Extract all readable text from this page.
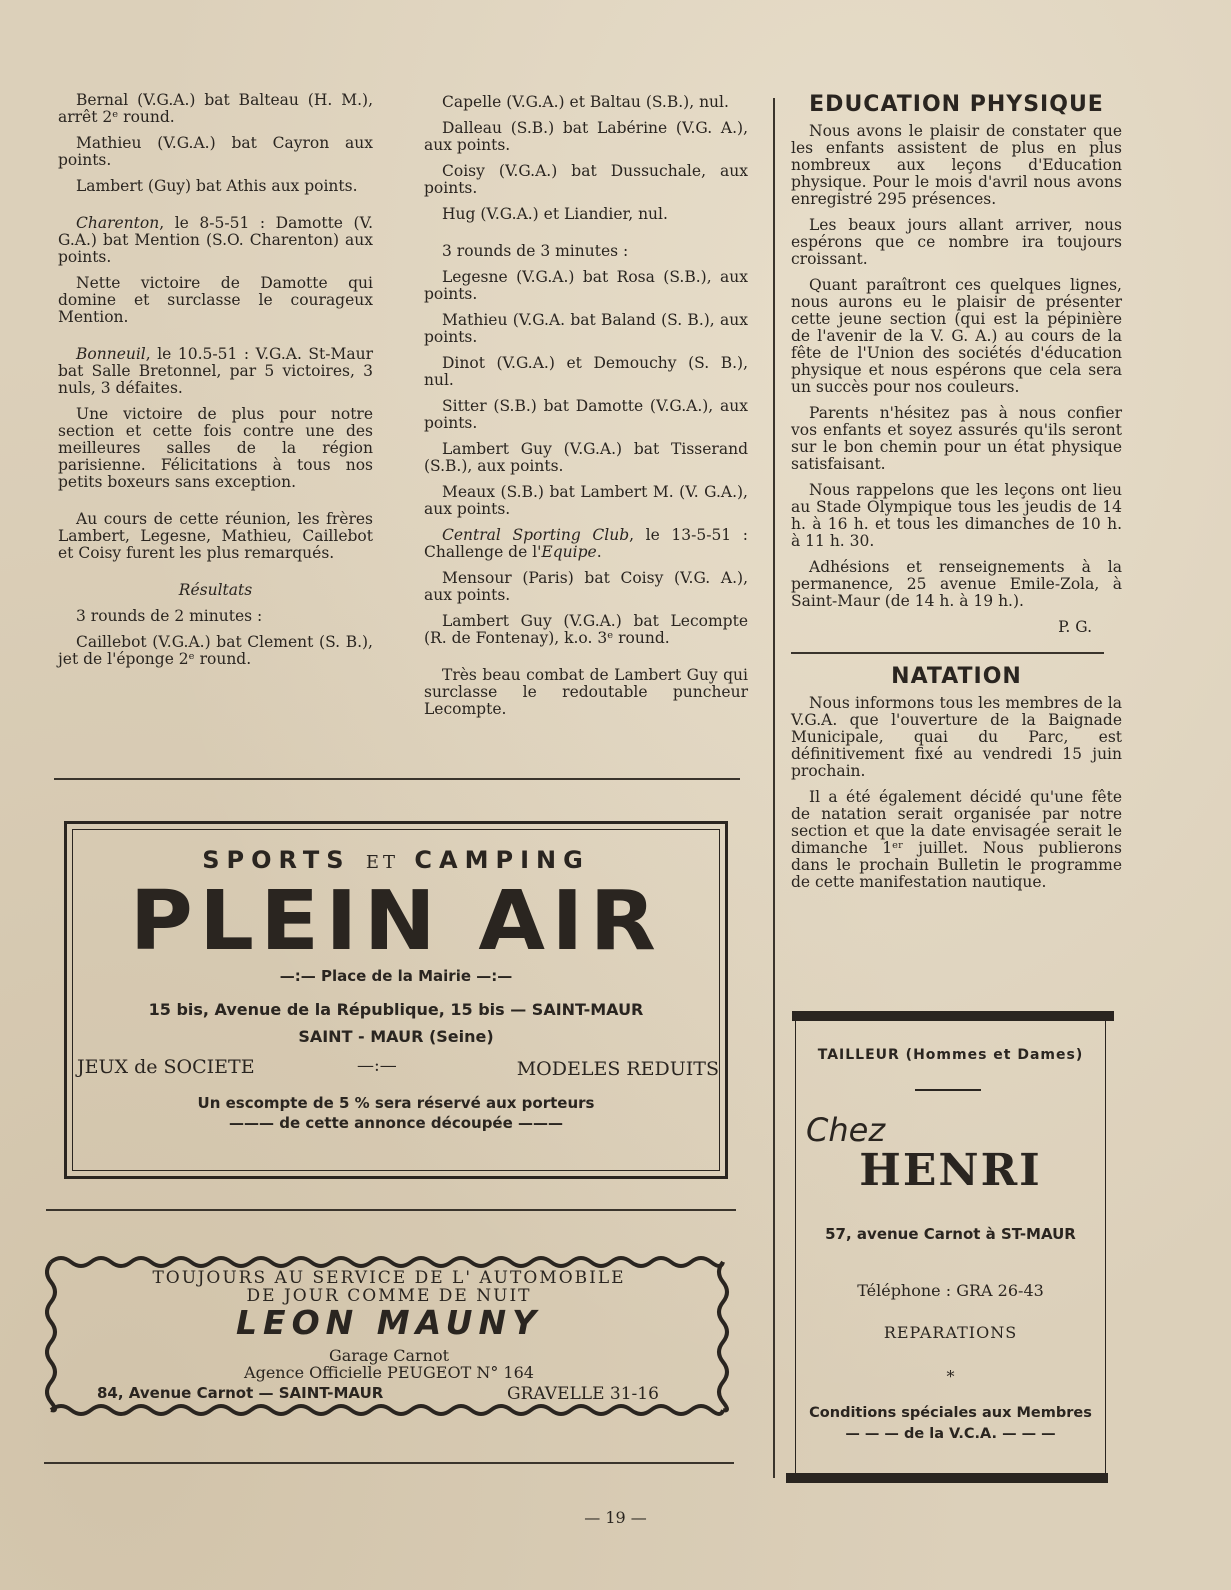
Bernal (V.G.A.) bat Balteau (H. M.), arrêt 2ᵉ round.

Mathieu (V.G.A.) bat Cayron aux points.

Lambert (Guy) bat Athis aux points.

Charenton, le 8-5-51 : Damotte (V. G.A.) bat Mention (S.O. Charenton) aux points.

Nette victoire de Damotte qui domine et surclasse le courageux Mention.

Bonneuil, le 10.5-51 : V.G.A. St-Maur bat Salle Bretonnel, par 5 victoires, 3 nuls, 3 défaites.

Une victoire de plus pour notre section et cette fois contre une des meilleures salles de la région parisienne. Félicitations à tous nos petits boxeurs sans exception.

Au cours de cette réunion, les frères Lambert, Legesne, Mathieu, Caillebot et Coisy furent les plus remarqués.

Résultats

3 rounds de 2 minutes :

Caillebot (V.G.A.) bat Clement (S. B.), jet de l'éponge 2ᵉ round.

Capelle (V.G.A.) et Baltau (S.B.), nul.

Dalleau (S.B.) bat Labérine (V.G. A.), aux points.

Coisy (V.G.A.) bat Dussuchale, aux points.

Hug (V.G.A.) et Liandier, nul.

3 rounds de 3 minutes :

Legesne (V.G.A.) bat Rosa (S.B.), aux points.

Mathieu (V.G.A. bat Baland (S. B.), aux points.

Dinot (V.G.A.) et Demouchy (S. B.), nul.

Sitter (S.B.) bat Damotte (V.G.A.), aux points.

Lambert Guy (V.G.A.) bat Tisserand (S.B.), aux points.

Meaux (S.B.) bat Lambert M. (V. G.A.), aux points.

Central Sporting Club, le 13-5-51 : Challenge de l'Equipe.

Mensour (Paris) bat Coisy (V.G. A.), aux points.

Lambert Guy (V.G.A.) bat Lecompte (R. de Fontenay), k.o. 3ᵉ round.

Très beau combat de Lambert Guy qui surclasse le redoutable puncheur Lecompte.

EDUCATION PHYSIQUE

Nous avons le plaisir de constater que les enfants assistent de plus en plus nombreux aux leçons d'Education physique. Pour le mois d'avril nous avons enregistré 295 présences.

Les beaux jours allant arriver, nous espérons que ce nombre ira toujours croissant.

Quant paraîtront ces quelques lignes, nous aurons eu le plaisir de présenter cette jeune section (qui est la pépinière de l'avenir de la V. G. A.) au cours de la fête de l'Union des sociétés d'éducation physique et nous espérons que cela sera un succès pour nos couleurs.

Parents n'hésitez pas à nous confier vos enfants et soyez assurés qu'ils seront sur le bon chemin pour un état physique satisfaisant.

Nous rappelons que les leçons ont lieu au Stade Olympique tous les jeudis de 14 h. à 16 h. et tous les dimanches de 10 h. à 11 h. 30.

Adhésions et renseignements à la permanence, 25 avenue Emile-Zola, à Saint-Maur (de 14 h. à 19 h.).

P. G.

NATATION

Nous informons tous les membres de la V.G.A. que l'ouverture de la Baignade Municipale, quai du Parc, est définitivement fixé au vendredi 15 juin prochain.

Il a été également décidé qu'une fête de natation serait organisée par notre section et que la date envisagée serait le dimanche 1ᵉʳ juillet. Nous publierons dans le prochain Bulletin le programme de cette manifestation nautique.

SPORTS ET CAMPING
PLEIN AIR
—:— Place de la Mairie —:—
15 bis, Avenue de la République, 15 bis — SAINT-MAUR
SAINT - MAUR (Seine)
JEUX de SOCIETE	—:—	MODELES REDUITS
Un escompte de 5 % sera réservé aux porteurs
——— de cette annonce découpée ———
TOUJOURS AU SERVICE DE L' AUTOMOBILE
DE JOUR COMME DE NUIT
LEON MAUNY
Garage Carnot
Agence Officielle PEUGEOT N° 164
84, Avenue Carnot — SAINT-MAUR	GRAVELLE 31-16
TAILLEUR (Hommes et Dames)
Chez
HENRI
57, avenue Carnot à ST-MAUR
Téléphone : GRA 26-43
REPARATIONS
*
Conditions spéciales aux Membres
— — — de la V.C.A. — — —
— 19 —
